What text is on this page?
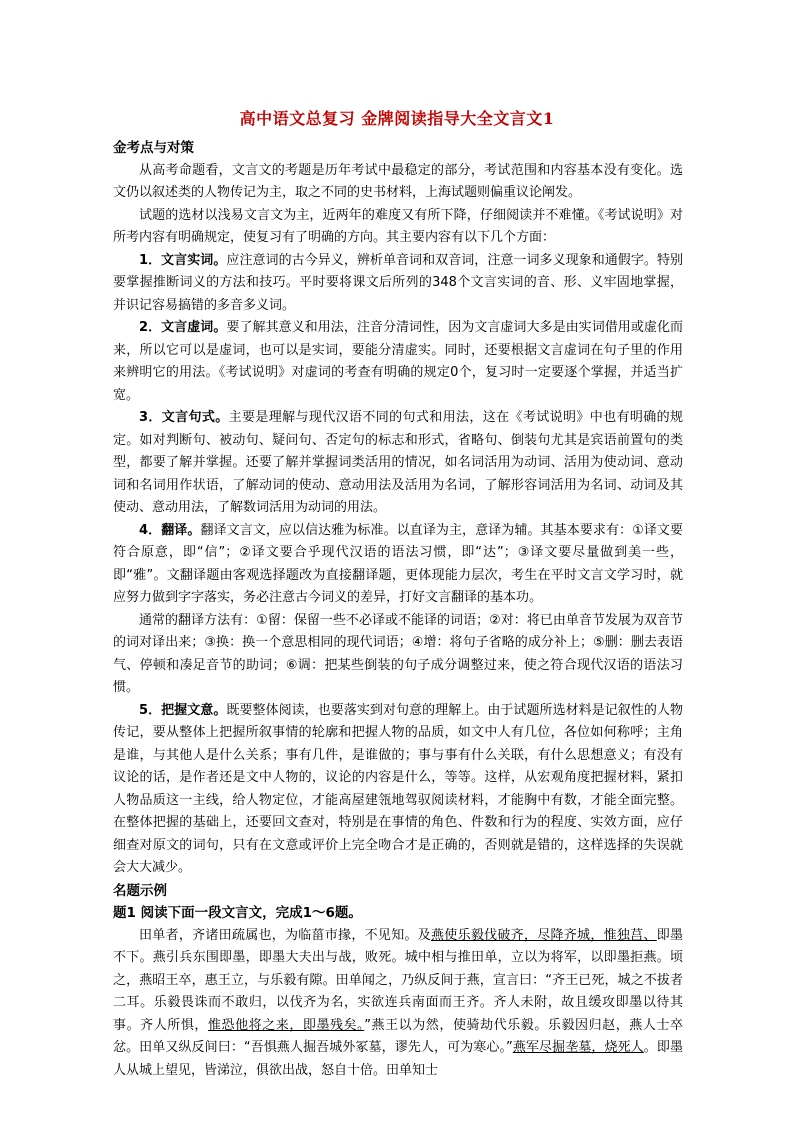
高中语文总复习 金牌阅读指导大全文言文1
金考点与对策

从高考命题看，文言文的考题是历年考试中最稳定的部分，考试范围和内容基本没有变化。选文仍以叙述类的人物传记为主，取之不同的史书材料，上海试题则偏重议论阐发。

试题的选材以浅易文言文为主，近两年的难度又有所下降，仔细阅读并不难懂。《考试说明》对所考内容有明确规定，使复习有了明确的方向。其主要内容有以下几个方面：

1．文言实词。应注意词的古今异义，辨析单音词和双音词，注意一词多义现象和通假字。特别要掌握推断词义的方法和技巧。平时要将课文后所列的348个文言实词的音、形、义牢固地掌握，并识记容易搞错的多音多义词。

2．文言虚词。要了解其意义和用法，注音分清词性，因为文言虚词大多是由实词借用或虚化而来，所以它可以是虚词，也可以是实词，要能分清虚实。同时，还要根据文言虚词在句子里的作用来辨明它的用法。《考试说明》对虚词的考查有明确的规定0个，复习时一定要逐个掌握，并适当扩宽。

3．文言句式。主要是理解与现代汉语不同的句式和用法，这在《考试说明》中也有明确的规定。如对判断句、被动句、疑问句、否定句的标志和形式，省略句、倒装句尤其是宾语前置句的类型，都要了解并掌握。还要了解并掌握词类活用的情况，如名词活用为动词、活用为使动词、意动词和名词用作状语，了解动词的使动、意动用法及活用为名词，了解形容词活用为名词、动词及其使动、意动用法，了解数词活用为动词的用法。

4．翻译。翻译文言文，应以信达雅为标准。以直译为主，意译为辅。其基本要求有：①译文要符合原意，即“信”；②译文要合乎现代汉语的语法习惯，即“达”；③译文要尽量做到美一些，即“雅”。文翻译题由客观选择题改为直接翻译题，更体现能力层次，考生在平时文言文学习时，就应努力做到字字落实，务必注意古今词义的差异，打好文言翻译的基本功。

通常的翻译方法有：①留：保留一些不必译或不能译的词语；②对：将已由单音节发展为双音节的词对译出来；③换：换一个意思相同的现代词语；④增：将句子省略的成分补上；⑤删：删去表语气、停顿和凑足音节的助词；⑥调：把某些倒装的句子成分调整过来，使之符合现代汉语的语法习惯。

5．把握文意。既要整体阅读，也要落实到对句意的理解上。由于试题所选材料是记叙性的人物传记，要从整体上把握所叙事情的轮廓和把握人物的品质，如文中人有几位，各位如何称呼；主角是谁，与其他人是什么关系；事有几件，是谁做的；事与事有什么关联，有什么思想意义；有没有议论的话，是作者还是文中人物的，议论的内容是什么，等等。这样，从宏观角度把握材料，紧扣人物品质这一主线，给人物定位，才能高屋建瓴地驾驭阅读材料，才能胸中有数，才能全面完整。在整体把握的基础上，还要回文查对，特别是在事情的角色、件数和行为的程度、实效方面，应仔细查对原文的词句，只有在文意或评价上完全吻合才是正确的，否则就是错的，这样选择的失误就会大大减少。

名题示例
题1 阅读下面一段文言文，完成1～6题。

田单者，齐诸田疏属也，为临菑市掾，不见知。及燕使乐毅伐破齐，尽降齐城，惟独莒、即墨不下。燕引兵东围即墨，即墨大夫出与战，败死。城中相与推田单，立以为将军，以即墨拒燕。顷之，燕昭王卒，惠王立，与乐毅有隙。田单闻之，乃纵反间于燕，宣言曰：“齐王已死，城之不拔者二耳。乐毅畏诛而不敢归，以伐齐为名，实欲连兵南面而王齐。齐人未附，故且缓攻即墨以待其事。齐人所惧，惟恐他将之来，即墨残矣。”燕王以为然，使骑劫代乐毅。乐毅因归赵，燕人士卒忿。田单又纵反间曰：“吾惧燕人掘吾城外冢墓，谬先人，可为寒心。”燕军尽掘垄墓，烧死人。即墨人从城上望见，皆涕泣，俱欲出战，怒自十倍。田单知士
